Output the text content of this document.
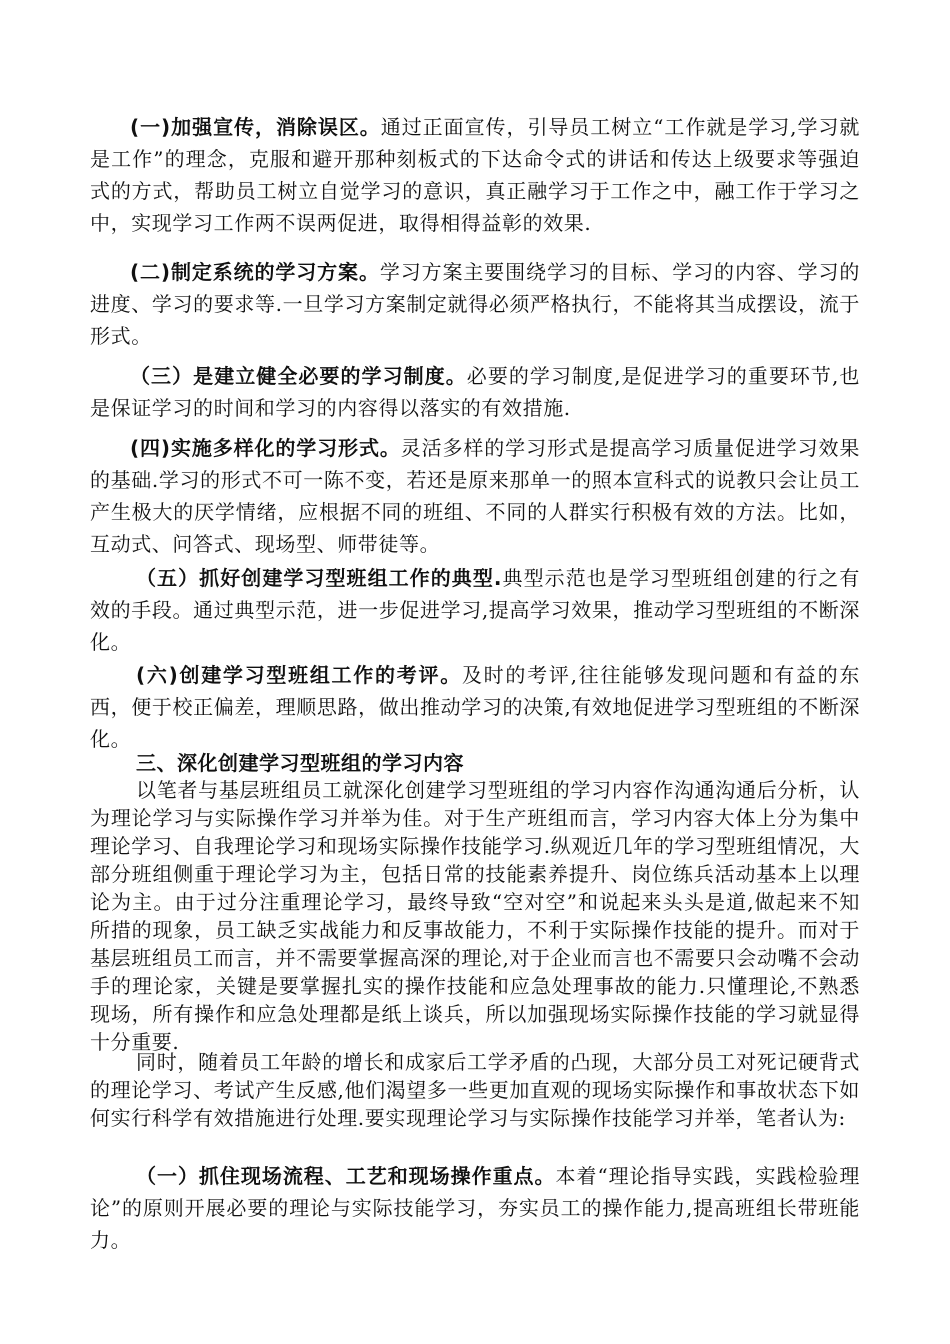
(一)加强宣传，消除误区。通过正面宣传，引导员工树立“工作就是学习,学习就是工作”的理念，克服和避开那种刻板式的下达命令式的讲话和传达上级要求等强迫式的方式，帮助员工树立自觉学习的意识，真正融学习于工作之中，融工作于学习之中，实现学习工作两不误两促进，取得相得益彰的效果.

(二)制定系统的学习方案。学习方案主要围绕学习的目标、学习的内容、学习的进度、学习的要求等.一旦学习方案制定就得必须严格执行，不能将其当成摆设，流于形式。

（三）是建立健全必要的学习制度。必要的学习制度,是促进学习的重要环节,也是保证学习的时间和学习的内容得以落实的有效措施.

(四)实施多样化的学习形式。灵活多样的学习形式是提高学习质量促进学习效果的基础.学习的形式不可一陈不变，若还是原来那单一的照本宣科式的说教只会让员工产生极大的厌学情绪，应根据不同的班组、不同的人群实行积极有效的方法。比如，互动式、问答式、现场型、师带徒等。

（五）抓好创建学习型班组工作的典型.典型示范也是学习型班组创建的行之有效的手段。通过典型示范，进一步促进学习,提高学习效果，推动学习型班组的不断深化。

(六)创建学习型班组工作的考评。及时的考评,往往能够发现问题和有益的东西，便于校正偏差，理顺思路，做出推动学习的决策,有效地促进学习型班组的不断深化。

三、深化创建学习型班组的学习内容

以笔者与基层班组员工就深化创建学习型班组的学习内容作沟通沟通后分析，认为理论学习与实际操作学习并举为佳。对于生产班组而言，学习内容大体上分为集中理论学习、自我理论学习和现场实际操作技能学习.纵观近几年的学习型班组情况，大部分班组侧重于理论学习为主，包括日常的技能素养提升、岗位练兵活动基本上以理论为主。由于过分注重理论学习，最终导致“空对空”和说起来头头是道,做起来不知所措的现象，员工缺乏实战能力和反事故能力，不利于实际操作技能的提升。而对于基层班组员工而言，并不需要掌握高深的理论,对于企业而言也不需要只会动嘴不会动手的理论家，关键是要掌握扎实的操作技能和应急处理事故的能力.只懂理论,不熟悉现场，所有操作和应急处理都是纸上谈兵，所以加强现场实际操作技能的学习就显得十分重要.

同时，随着员工年龄的增长和成家后工学矛盾的凸现，大部分员工对死记硬背式的理论学习、考试产生反感,他们渴望多一些更加直观的现场实际操作和事故状态下如何实行科学有效措施进行处理.要实现理论学习与实际操作技能学习并举，笔者认为:

（一）抓住现场流程、工艺和现场操作重点。本着“理论指导实践，实践检验理论”的原则开展必要的理论与实际技能学习，夯实员工的操作能力,提高班组长带班能力。
